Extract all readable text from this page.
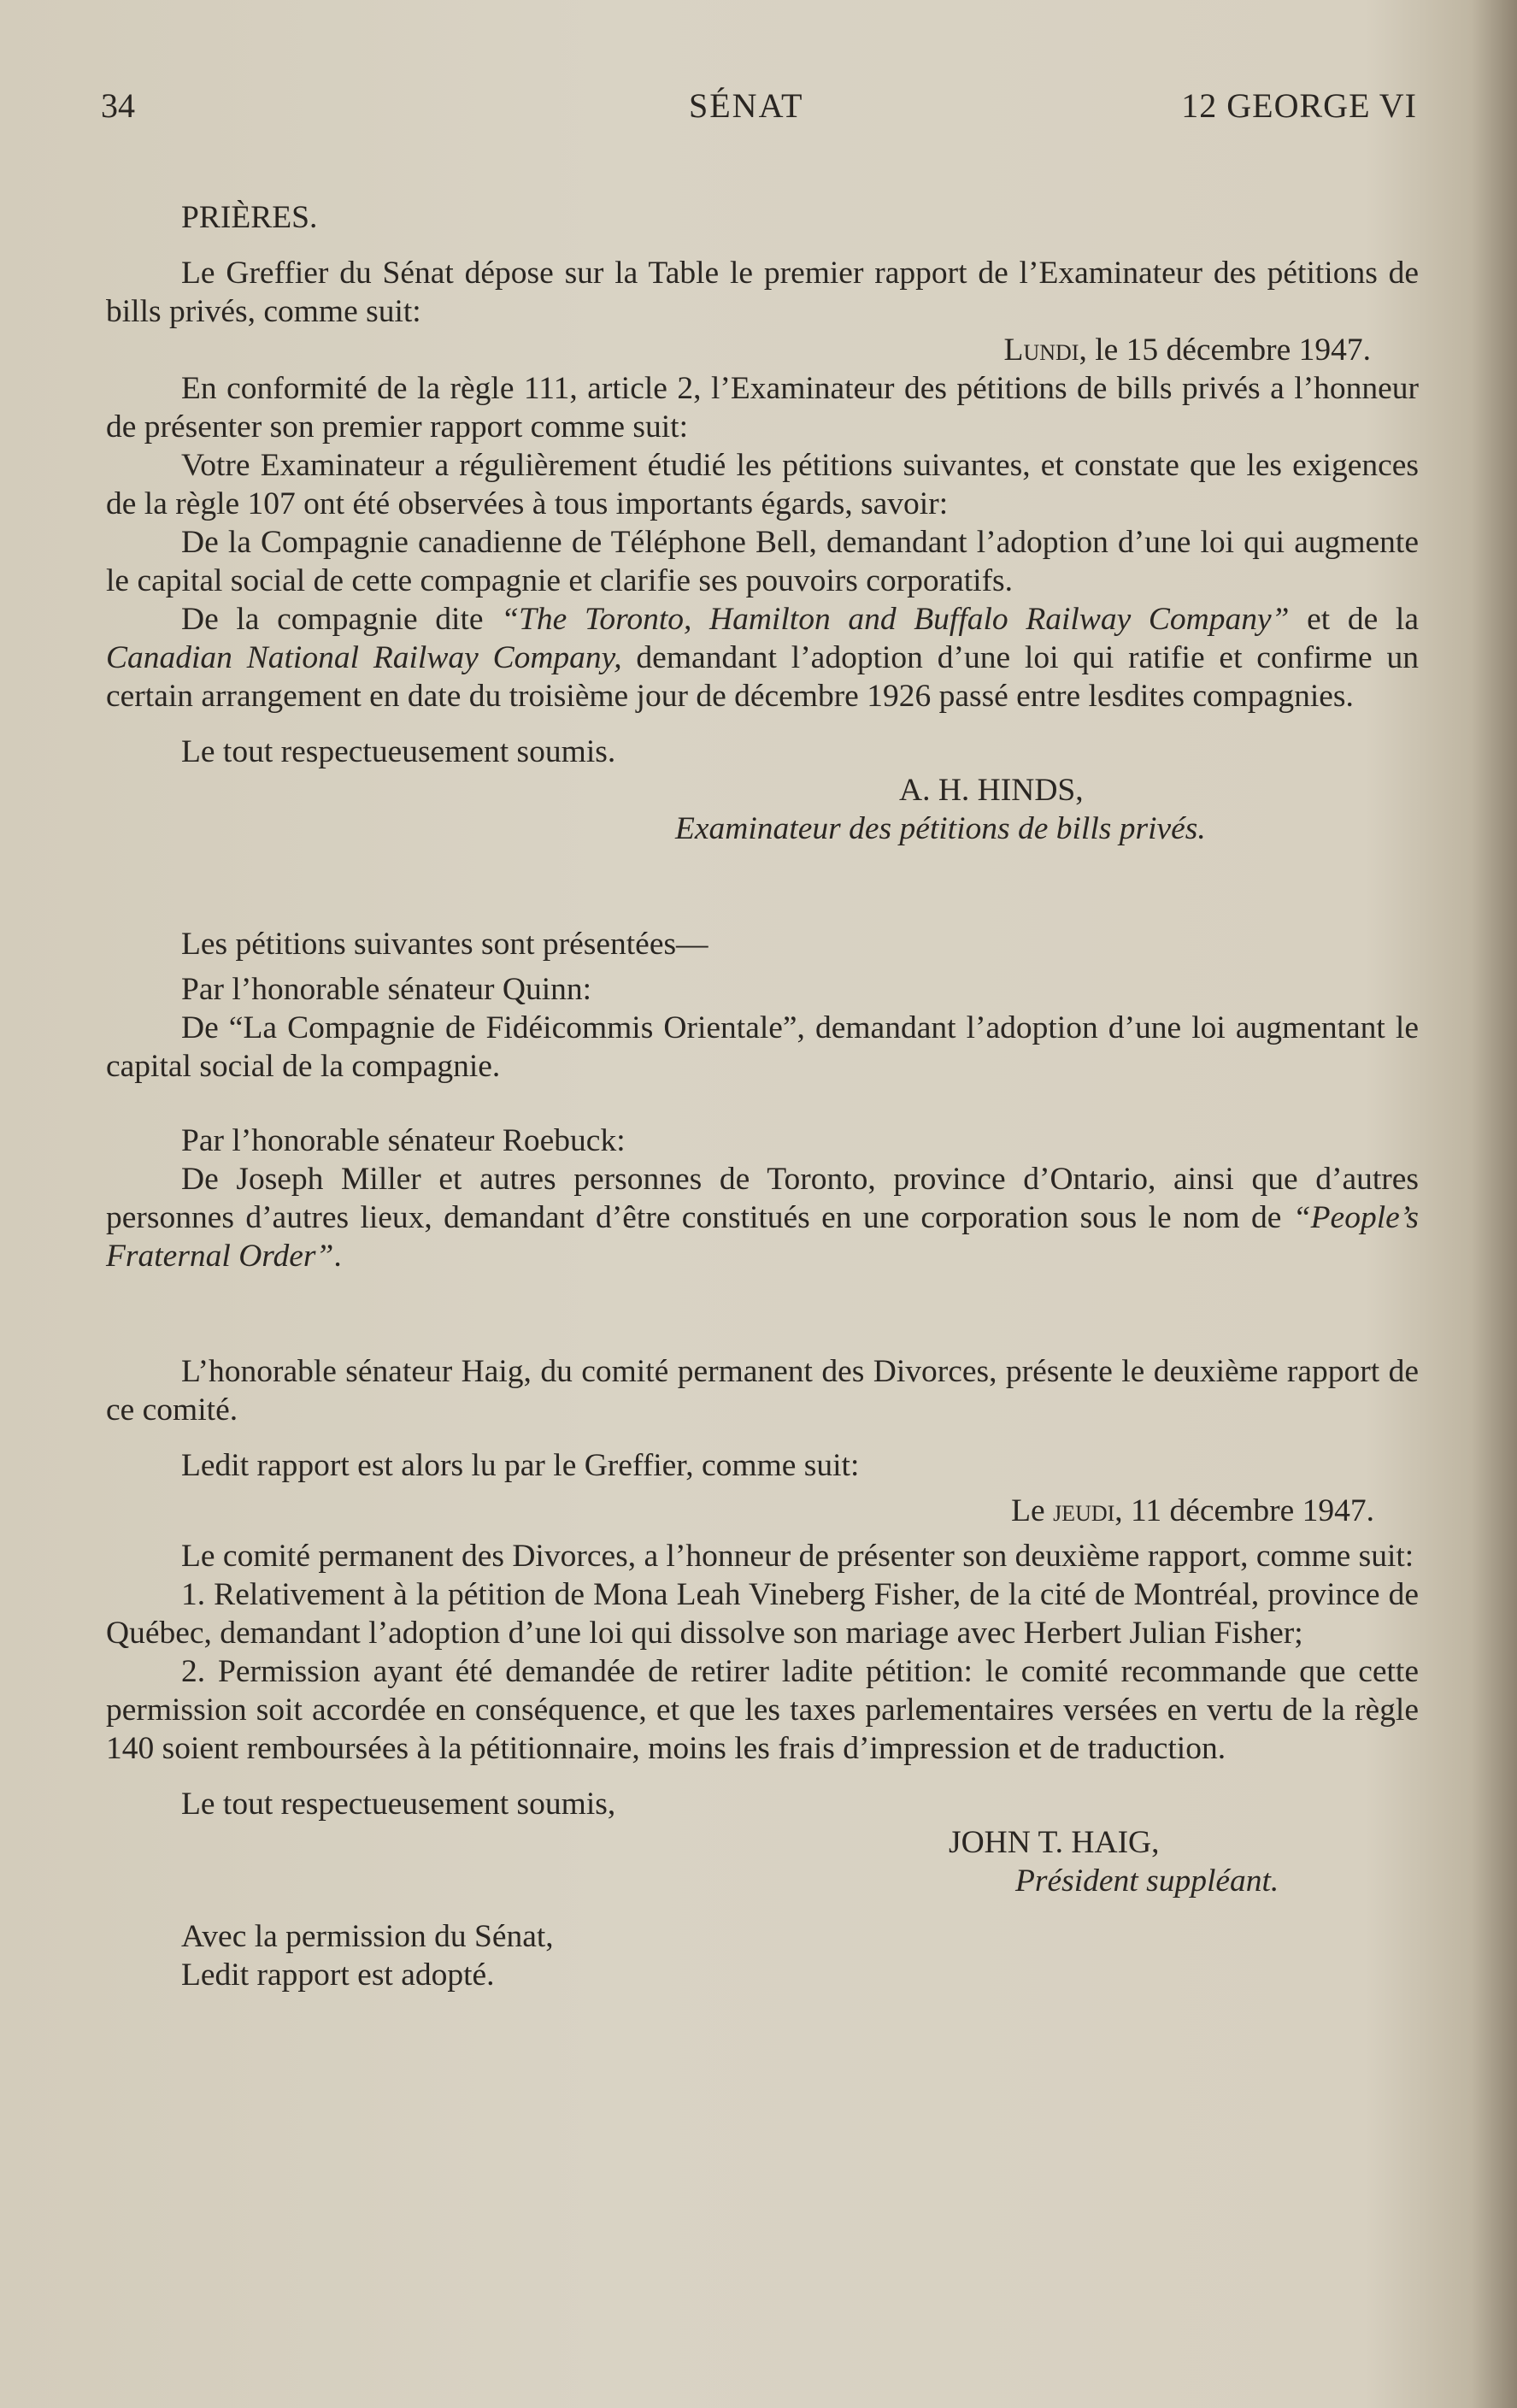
34	SÉNAT	12 GEORGE VI

PRIÈRES.

Le Greffier du Sénat dépose sur la Table le premier rapport de l’Examinateur des pétitions de bills privés, comme suit:

Lundi, le 15 décembre 1947.

En conformité de la règle 111, article 2, l’Examinateur des pétitions de bills privés a l’honneur de présenter son premier rapport comme suit:

Votre Examinateur a régulièrement étudié les pétitions suivantes, et constate que les exigences de la règle 107 ont été observées à tous importants égards, savoir:

De la Compagnie canadienne de Téléphone Bell, demandant l’adoption d’une loi qui augmente le capital social de cette compagnie et clarifie ses pouvoirs corporatifs.

De la compagnie dite “The Toronto, Hamilton and Buffalo Railway Company” et de la Canadian National Railway Company, demandant l’adoption d’une loi qui ratifie et confirme un certain arrangement en date du troisième jour de décembre 1926 passé entre lesdites compagnies.

Le tout respectueusement soumis.

A. H. HINDS,

Examinateur des pétitions de bills privés.

Les pétitions suivantes sont présentées—

Par l’honorable sénateur Quinn:

De “La Compagnie de Fidéicommis Orientale”, demandant l’adoption d’une loi augmentant le capital social de la compagnie.

Par l’honorable sénateur Roebuck:

De Joseph Miller et autres personnes de Toronto, province d’Ontario, ainsi que d’autres personnes d’autres lieux, demandant d’être constitués en une corporation sous le nom de “People’s Fraternal Order”.

L’honorable sénateur Haig, du comité permanent des Divorces, présente le deuxième rapport de ce comité.

Ledit rapport est alors lu par le Greffier, comme suit:

Le jeudi, 11 décembre 1947.

Le comité permanent des Divorces, a l’honneur de présenter son deuxième rapport, comme suit:

1. Relativement à la pétition de Mona Leah Vineberg Fisher, de la cité de Montréal, province de Québec, demandant l’adoption d’une loi qui dissolve son mariage avec Herbert Julian Fisher;

2. Permission ayant été demandée de retirer ladite pétition: le comité recommande que cette permission soit accordée en conséquence, et que les taxes parlementaires versées en vertu de la règle 140 soient remboursées à la pétitionnaire, moins les frais d’impression et de traduction.

Le tout respectueusement soumis,

JOHN T. HAIG,

Président suppléant.

Avec la permission du Sénat,

Ledit rapport est adopté.
